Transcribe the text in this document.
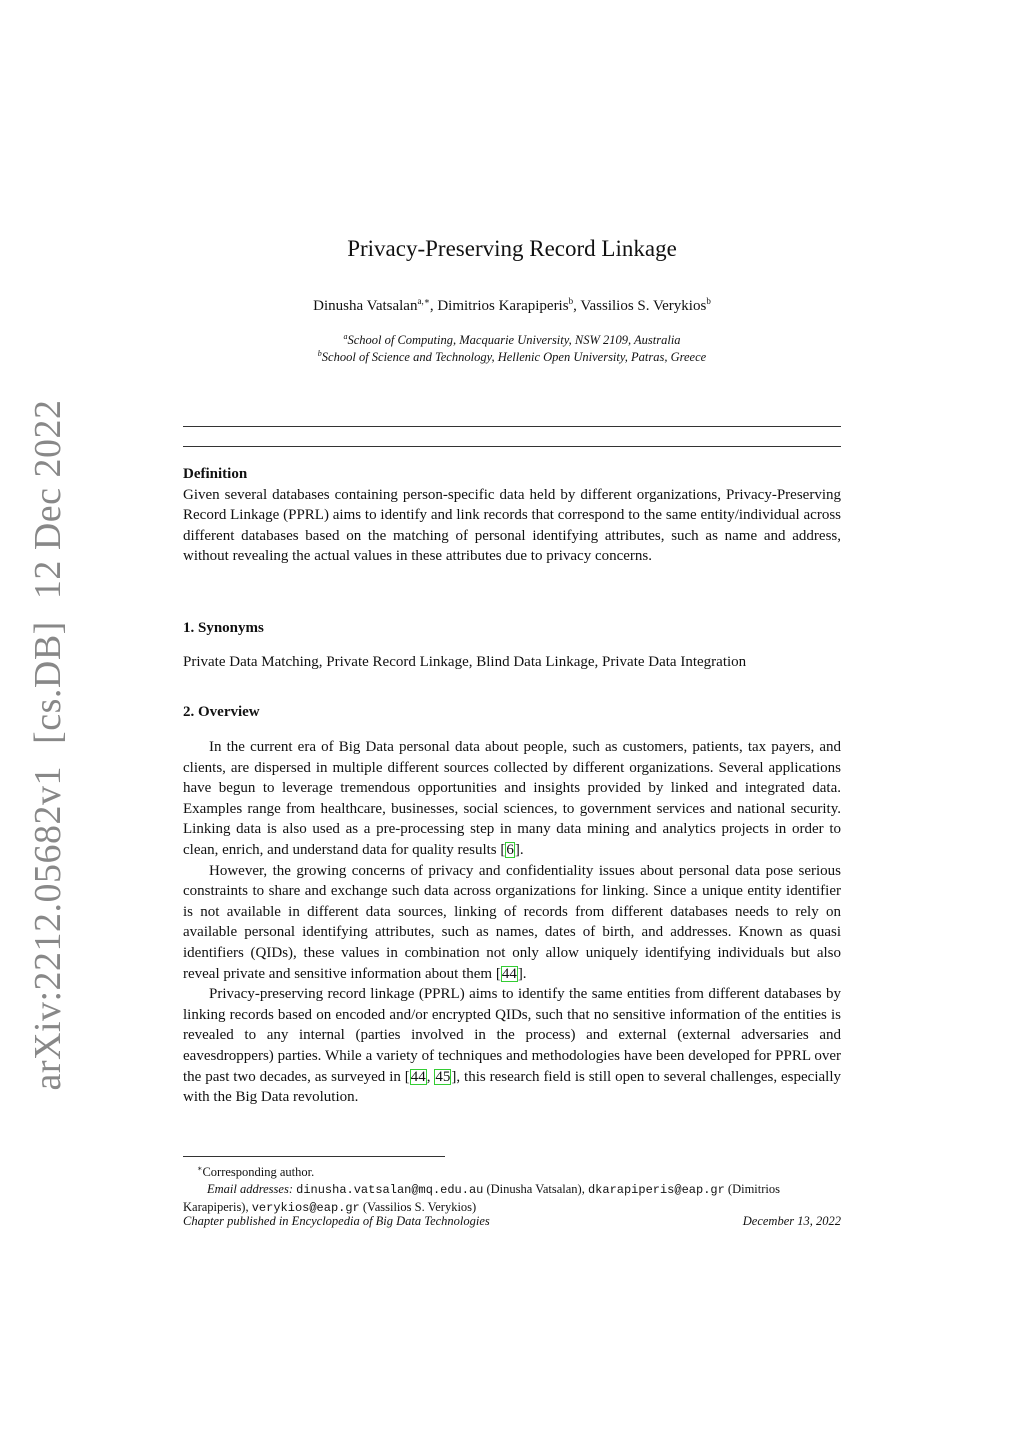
arXiv:2212.05682v1 [cs.DB] 12 Dec 2022
Privacy-Preserving Record Linkage
Dinusha Vatsalan$^{a,∗}$, Dimitrios Karapiperis$^b$, Vassilios S. Verykios$^b$
$^a$School of Computing, Macquarie University, NSW 2109, Australia
$^b$School of Science and Technology, Hellenic Open University, Patras, Greece
Definition

Given several databases containing person-specific data held by different organizations, Privacy-Preserving Record Linkage (PPRL) aims to identify and link records that correspond to the same entity/individual across different databases based on the matching of personal identifying attributes, such as name and address, without revealing the actual values in these attributes due to privacy concerns.

1. Synonyms
Private Data Matching, Private Record Linkage, Blind Data Linkage, Private Data Integration
2. Overview

In the current era of Big Data personal data about people, such as customers, patients, tax payers, and clients, are dispersed in multiple different sources collected by different organizations. Several applications have begun to leverage tremendous opportunities and insights provided by linked and integrated data. Examples range from healthcare, businesses, social sciences, to government services and national security. Linking data is also used as a pre-processing step in many data mining and analytics projects in order to clean, enrich, and understand data for quality results [6].

However, the growing concerns of privacy and confidentiality issues about personal data pose serious constraints to share and exchange such data across organizations for linking. Since a unique entity identifier is not available in different data sources, linking of records from different databases needs to rely on available personal identifying attributes, such as names, dates of birth, and addresses. Known as quasi identifiers (QIDs), these values in combination not only allow uniquely identifying individuals but also reveal private and sensitive information about them [44].

Privacy-preserving record linkage (PPRL) aims to identify the same entities from different databases by linking records based on encoded and/or encrypted QIDs, such that no sensitive information of the entities is revealed to any internal (parties involved in the process) and external (external adversaries and eavesdroppers) parties. While a variety of techniques and methodologies have been developed for PPRL over the past two decades, as surveyed in [44, 45], this research field is still open to several challenges, especially with the Big Data revolution.

∗Corresponding author.
Email addresses: dinusha.vatsalan@mq.edu.au (Dinusha Vatsalan), dkarapiperis@eap.gr (Dimitrios Karapiperis), verykios@eap.gr (Vassilios S. Verykios)
Chapter published in Encyclopedia of Big Data Technologies	December 13, 2022
